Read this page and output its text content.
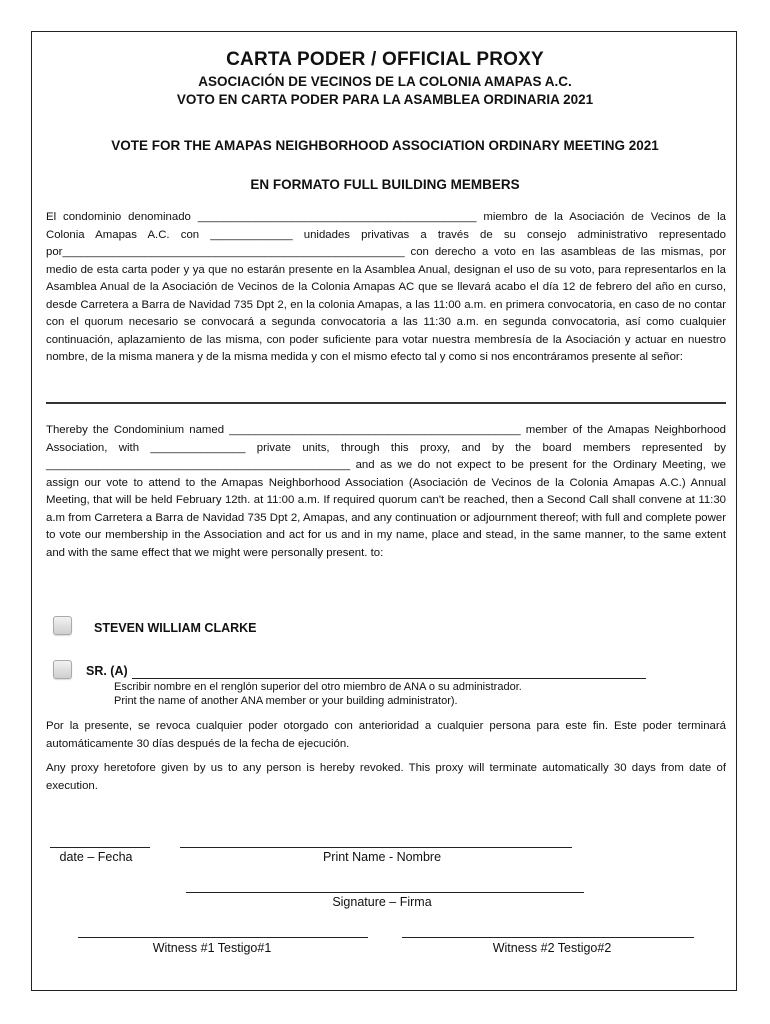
CARTA PODER / OFFICIAL PROXY
ASOCIACIÓN DE VECINOS DE LA COLONIA AMAPAS A.C.
VOTO EN CARTA PODER PARA LA ASAMBLEA ORDINARIA 2021
VOTE FOR THE AMAPAS NEIGHBORHOOD ASSOCIATION ORDINARY MEETING 2021
EN FORMATO FULL BUILDING MEMBERS
El condominio denominado ____________________________________________ miembro de la Asociación de Vecinos de la Colonia Amapas A.C. con _____________ unidades privativas a través de su consejo administrativo representado por______________________________________________________ con derecho a voto en las asambleas de las mismas, por medio de esta carta poder y ya que no estarán presente en la Asamblea Anual, designan el uso de su voto, para representarlos en la Asamblea Anual de la Asociación de Vecinos de la Colonia Amapas AC que se llevará acabo el día 12 de febrero del año en curso, desde Carretera a Barra de Navidad 735 Dpt 2, en la colonia Amapas, a las 11:00 a.m. en primera convocatoria, en caso de no contar con el quorum necesario se convocará a segunda convocatoria a las 11:30 a.m. en segunda convocatoria, así como cualquier continuación, aplazamiento de las misma, con poder suficiente para votar nuestra membresía de la Asociación y actuar en nuestro nombre, de la misma manera y de la misma medida y con el mismo efecto tal y como si nos encontráramos presente al señor:
Thereby the Condominium named ______________________________________________ member of the Amapas Neighborhood Association, with _______________ private units, through this proxy, and by the board members represented by ________________________________________________ and as we do not expect to be present for the Ordinary Meeting, we assign our vote to attend to the Amapas Neighborhood Association (Asociación de Vecinos de la Colonia Amapas A.C.) Annual Meeting, that will be held February 12th. at 11:00 a.m. If required quorum can't be reached, then a Second Call shall convene at 11:30 a.m from Carretera a Barra de Navidad 735 Dpt 2, Amapas, and any continuation or adjournment thereof; with full and complete power to vote our membership in the Association and act for us and in my name, place and stead, in the same manner, to the same extent and with the same effect that we might were personally present. to:
STEVEN WILLIAM CLARKE
SR. (A)
Escribir nombre en el renglón superior del otro miembro de ANA o su administrador.
Print the name of another ANA member or your building administrator).
Por la presente, se revoca cualquier poder otorgado con anterioridad a cualquier persona para este fin. Este poder terminará automáticamente 30 días después de la fecha de ejecución.
Any proxy heretofore given by us to any person is hereby revoked. This proxy will terminate automatically 30 days from date of execution.
date – Fecha	Print Name - Nombre
Signature – Firma
Witness #1 Testigo#1	Witness #2 Testigo#2
